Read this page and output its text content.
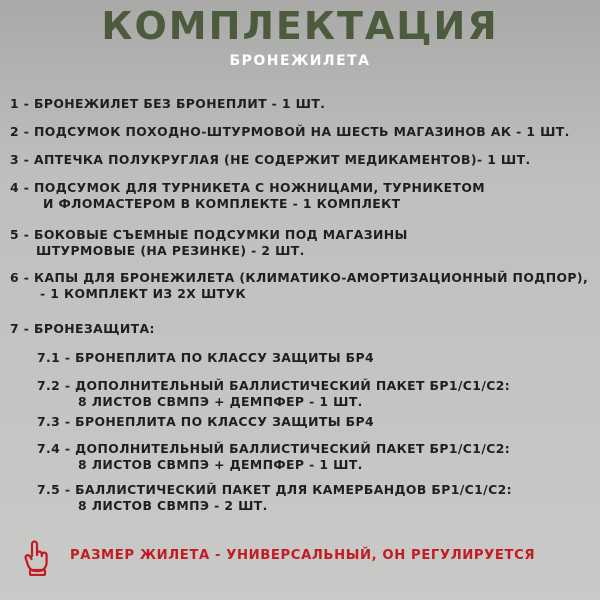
КОМПЛЕКТАЦИЯ
БРОНЕЖИЛЕТА
1 - БРОНЕЖИЛЕТ БЕЗ БРОНЕПЛИТ - 1 ШТ.
2 - ПОДСУМОК ПОХОДНО-ШТУРМОВОЙ НА ШЕСТЬ МАГАЗИНОВ АК - 1 ШТ.
3 - АПТЕЧКА ПОЛУКРУГЛАЯ (НЕ СОДЕРЖИТ МЕДИКАМЕНТОВ)- 1 ШТ.
4 - ПОДСУМОК ДЛЯ ТУРНИКЕТА С НОЖНИЦАМИ, ТУРНИКЕТОМ
И ФЛОМАСТЕРОМ В КОМПЛЕКТЕ - 1 КОМПЛЕКТ
5 - БОКОВЫЕ СЪЕМНЫЕ ПОДСУМКИ ПОД МАГАЗИНЫ
ШТУРМОВЫЕ (НА РЕЗИНКЕ) - 2 ШТ.
6 - КАПЫ ДЛЯ БРОНЕЖИЛЕТА (КЛИМАТИКО-АМОРТИЗАЦИОННЫЙ ПОДПОР),
- 1 КОМПЛЕКТ ИЗ 2Х ШТУК
7 - БРОНЕЗАЩИТА:
7.1 - БРОНЕПЛИТА ПО КЛАССУ ЗАЩИТЫ БР4
7.2 - ДОПОЛНИТЕЛЬНЫЙ БАЛЛИСТИЧЕСКИЙ ПАКЕТ БР1/С1/С2:
8 ЛИСТОВ СВМПЭ + ДЕМПФЕР - 1 ШТ.
7.3 - БРОНЕПЛИТА ПО КЛАССУ ЗАЩИТЫ БР4
7.4 - ДОПОЛНИТЕЛЬНЫЙ БАЛЛИСТИЧЕСКИЙ ПАКЕТ БР1/С1/С2:
8 ЛИСТОВ СВМПЭ + ДЕМПФЕР - 1 ШТ.
7.5 - БАЛЛИСТИЧЕСКИЙ ПАКЕТ ДЛЯ КАМЕРБАНДОВ БР1/С1/С2:
8 ЛИСТОВ СВМПЭ - 2 ШТ.
РАЗМЕР ЖИЛЕТА - УНИВЕРСАЛЬНЫЙ, ОН РЕГУЛИРУЕТСЯ
